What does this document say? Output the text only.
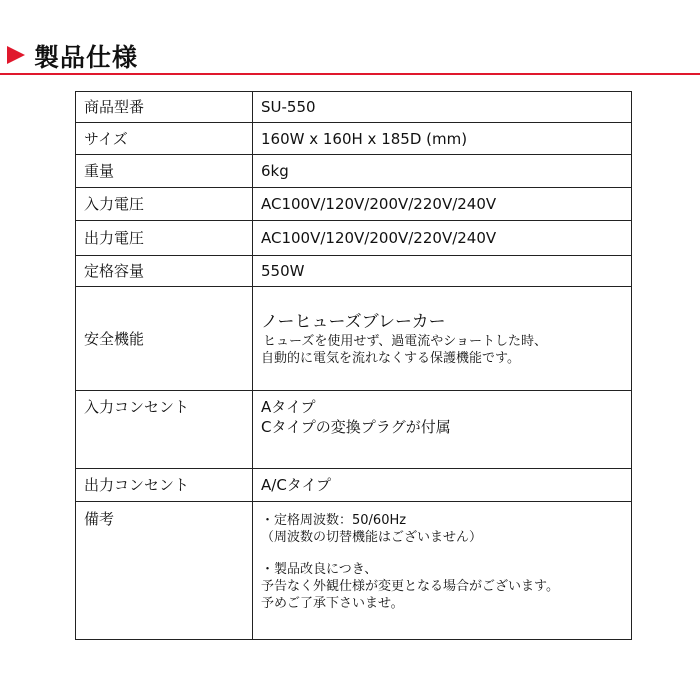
製品仕様
商品型番	SU-550
サイズ	160W x 160H x 185D (mm)
重量	6kg
入力電圧	AC100V/120V/200V/220V/240V
出力電圧	AC100V/120V/200V/220V/240V
定格容量	550W
安全機能	ノーヒューズブレーカー
ヒューズを使用せず、過電流やショートした時、
自動的に電気を流れなくする保護機能です。

入力コンセント	Aタイプ
Cタイプの変換プラグが付属

出力コンセント	A/Cタイプ
備考	・定格周波数：50/60Hz
（周波数の切替機能はございません）
・製品改良につき、
予告なく外観仕様が変更となる場合がございます。
予めご了承下さいませ。
